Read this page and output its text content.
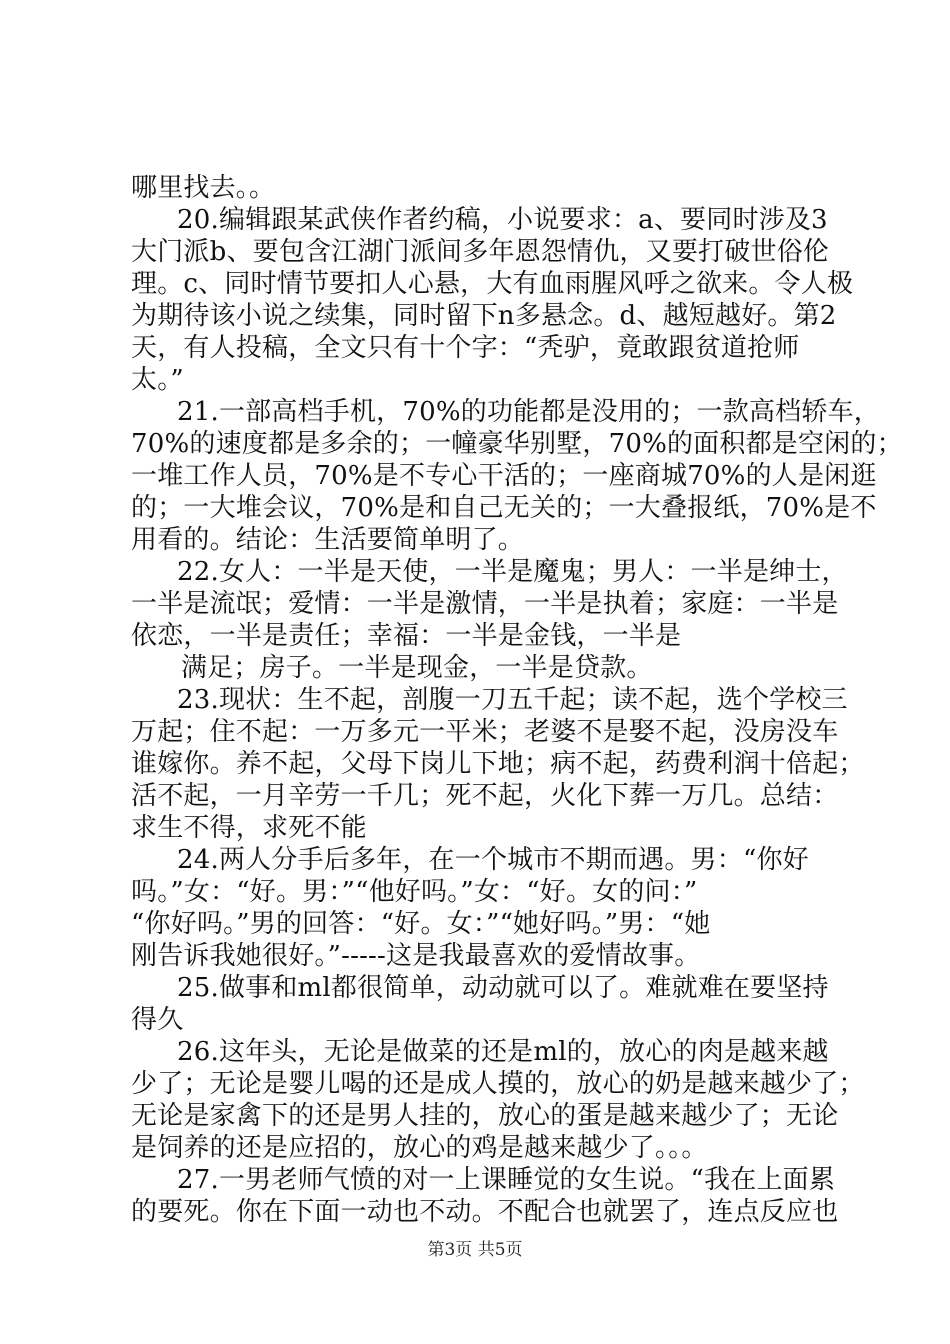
哪里找去。。
20.编辑跟某武侠作者约稿，小说要求：a、要同时涉及3
大门派b、要包含江湖门派间多年恩怨情仇，又要打破世俗伦
理。c、同时情节要扣人心悬，大有血雨腥风呼之欲来。令人极
为期待该小说之续集，同时留下n多悬念。d、越短越好。第2
天，有人投稿，全文只有十个字：“秃驴，竟敢跟贫道抢师
太。”
21.一部高档手机，70%的功能都是没用的；一款高档轿车，
70%的速度都是多余的；一幢豪华别墅，70%的面积都是空闲的；
一堆工作人员，70%是不专心干活的；一座商城70%的人是闲逛
的；一大堆会议，70%是和自己无关的；一大叠报纸，70%是不
用看的。结论：生活要简单明了。
22.女人：一半是天使，一半是魔鬼；男人：一半是绅士，
一半是流氓；爱情：一半是激情，一半是执着；家庭：一半是
依恋，一半是责任；幸福：一半是金钱，一半是
满足；房子。一半是现金，一半是贷款。
23.现状：生不起，剖腹一刀五千起；读不起，选个学校三
万起；住不起：一万多元一平米；老婆不是娶不起，没房没车
谁嫁你。养不起，父母下岗儿下地；病不起，药费利润十倍起；
活不起，一月辛劳一千几；死不起，火化下葬一万几。总结：
求生不得，求死不能
24.两人分手后多年，在一个城市不期而遇。男：“你好
吗。”女：“好。男：”“他好吗。”女：“好。女的问：”
“你好吗。”男的回答：“好。女：”“她好吗。”男：“她
刚告诉我她很好。”-----这是我最喜欢的爱情故事。
25.做事和ml都很简单，动动就可以了。难就难在要坚持
得久
26.这年头，无论是做菜的还是ml的，放心的肉是越来越
少了；无论是婴儿喝的还是成人摸的，放心的奶是越来越少了；
无论是家禽下的还是男人挂的，放心的蛋是越来越少了；无论
是饲养的还是应招的，放心的鸡是越来越少了。。。
27.一男老师气愤的对一上课睡觉的女生说。“我在上面累
的要死。你在下面一动也不动。不配合也就罢了，连点反应也
第3页 共5页
